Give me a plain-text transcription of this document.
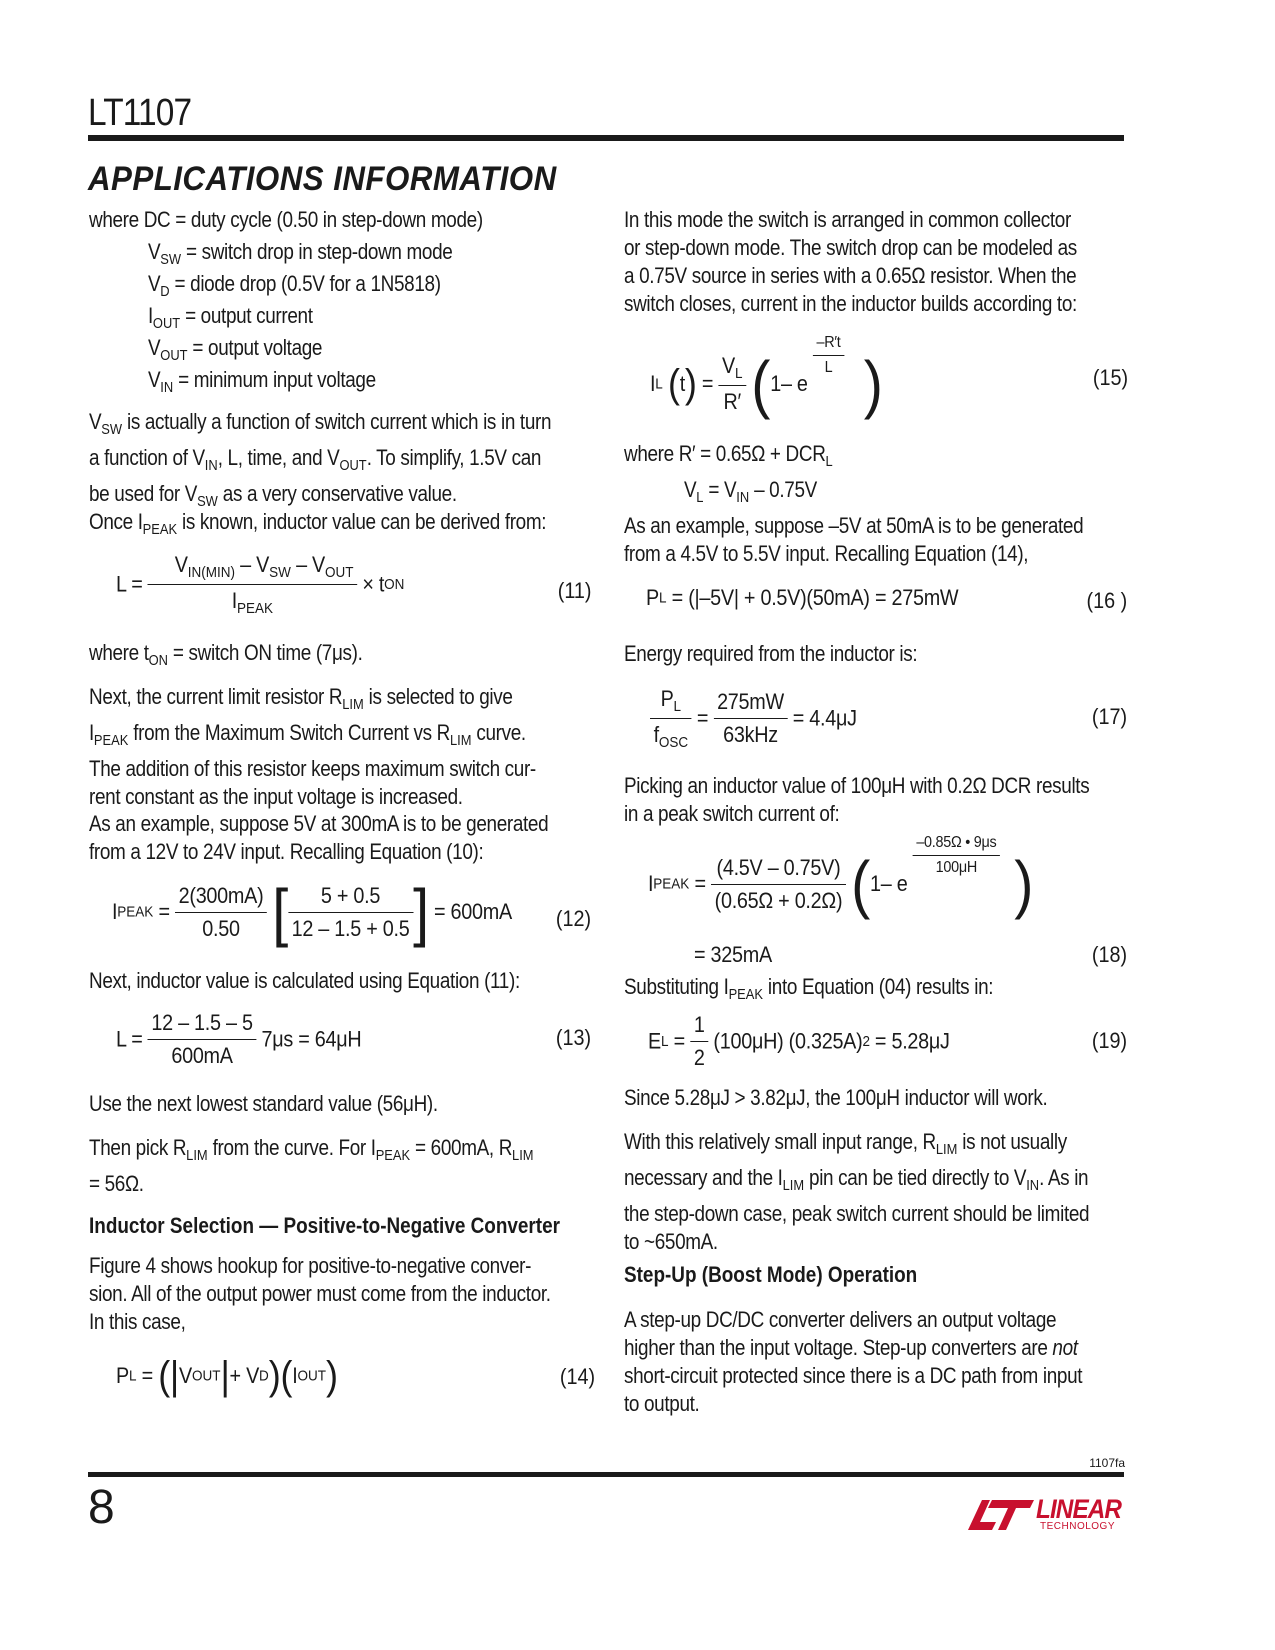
LT1107
APPLICATIONS INFORMATION
where DC = duty cycle (0.50 in step-down mode)
$V_{SW}$ = switch drop in step-down mode
$V_D$ = diode drop (0.5V for a 1N5818)
$I_{OUT}$ = output current
$V_{OUT}$ = output voltage
$V_{IN}$ = minimum input voltage
$V_{SW}$ is actually a function of switch current which is in turn
a function of $V_{IN}$, L, time, and $V_{OUT}$. To simplify, 1.5V can
be used for $V_{SW}$ as a very conservative value.
Once $I_{PEAK}$ is known, inductor value can be derived from:
$L = \frac{V_{IN(MIN)} - V_{SW} - V_{OUT}}{I_{PEAK}}$ × tON	(11)
where $t_{ON}$ = switch ON time (7μs).
Next, the current limit resistor $R_{LIM}$ is selected to give
$I_{PEAK}$ from the Maximum Switch Current vs $R_{LIM}$ curve.
The addition of this resistor keeps maximum switch cur-
rent constant as the input voltage is increased.
As an example, suppose 5V at 300mA is to be generated
from a 12V to 24V input. Recalling Equation (10):
IPEAK = $\frac{2(300mA)}{0.50}$ [ $\frac{5 + 0.5}{12 - 1.5 + 0.5}$ ] = 600mA (12)
Next, inductor value is calculated using Equation (11):
$L = \frac{12 - 1.5 - 5}{600mA} 7\mu s = 64\mu H$	(13)
Use the next lowest standard value (56μH).
Then pick $R_{LIM}$ from the curve. For $I_{PEAK} = 600mA$, $R_{LIM}$
= 56Ω.
Inductor Selection — Positive-to-Negative Converter
Figure 4 shows hookup for positive-to-negative conver-
sion. All of the output power must come from the inductor.
In this case,
PL = (|VOUT|+ VD)(IOUT)	(14)
In this mode the switch is arranged in common collector
or step-down mode. The switch drop can be modeled as
a 0.75V source in series with a 0.65Ω resistor. When the
switch closes, current in the inductor builds according to:
IL $(t) = \frac{V_L}{R'} (1-$ e
$\frac{-R't}{L}$ )	(15)
where $R' = 0.65\Omega + DCR_L$
$V_L = V_{IN} - 0.75V$
As an example, suppose –5V at 50mA is to be generated
from a 4.5V to 5.5V input. Recalling Equation (14),
PL = (|–5V| + 0.5V)(50mA) = 275mW	(16 )
Energy required from the inductor is:
$\frac{P_L}{f_{OSC}} = \frac{275mW}{\text{63kHz}} = 4.4\mu J$	(17)
Picking an inductor value of 100μH with 0.2Ω DCR results
in a peak switch current of:
IPEAK = $\frac{(4.5V - 0.75V)}{(0.65\Omega + 0.2\Omega)} (1-$ e
$\frac{-0.85\Omega • 9\mu s}{100\mu H}$ )
= 325mA	(18)
Substituting $I_{PEAK}$ into Equation (04) results in:
EL = $\frac{1}{2} (100\mu H) (0.325A)2 = 5.28\mu J$	(19)
Since 5.28μJ > 3.82μJ, the 100μH inductor will work.
With this relatively small input range, $R_{LIM}$ is not usually
necessary and the $I_{LIM}$ pin can be tied directly to $V_{IN}$. As in
the step-down case, peak switch current should be limited
to ~650mA.
Step-Up (Boost Mode) Operation
A step-up DC/DC converter delivers an output voltage
higher than the input voltage. Step-up converters are not
short-circuit protected since there is a DC path from input
to output.
1107fa
8	LINEAR
TECHNOLOGY
